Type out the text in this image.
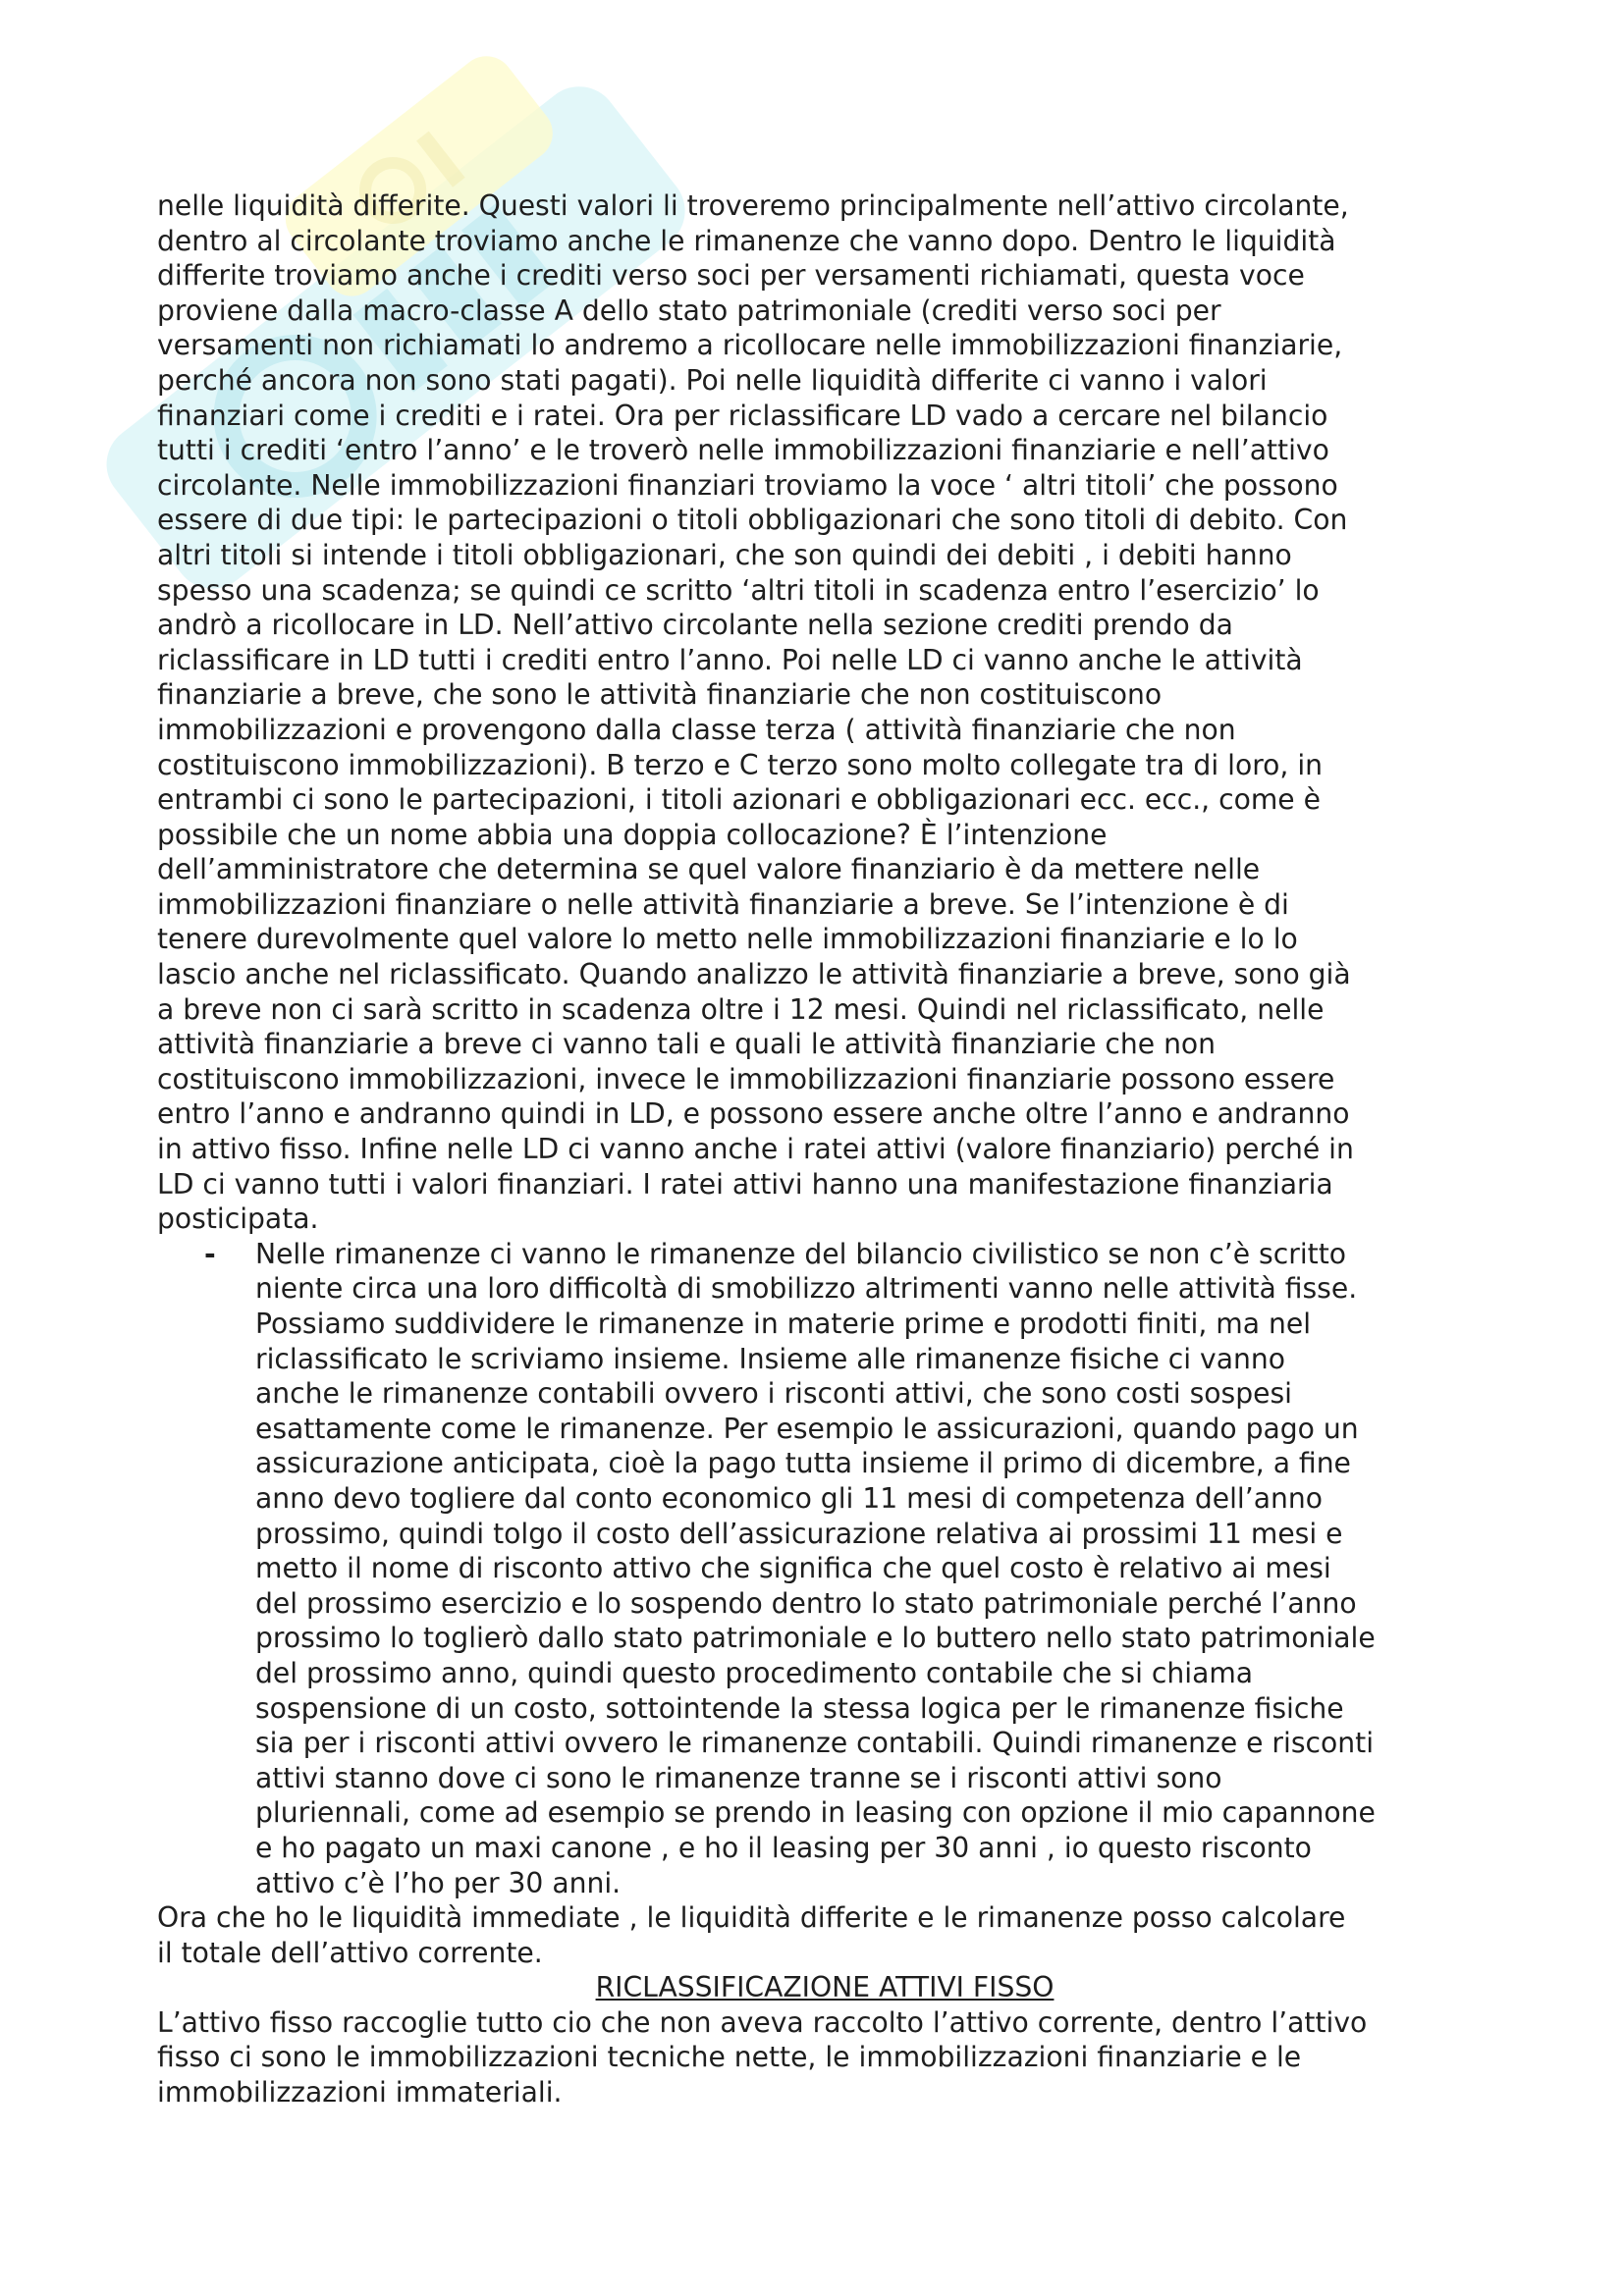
nelle liquidità differite. Questi valori li troveremo principalmente nell’attivo circolante,
dentro al circolante troviamo anche le rimanenze che vanno dopo. Dentro le liquidità
differite troviamo anche i crediti verso soci per versamenti richiamati, questa voce
proviene dalla macro-classe A dello stato patrimoniale (crediti verso soci per
versamenti non richiamati lo andremo a ricollocare nelle immobilizzazioni finanziarie,
perché ancora non sono stati pagati). Poi nelle liquidità differite ci vanno i valori
finanziari come i crediti e i ratei. Ora per riclassificare LD vado a cercare nel bilancio
tutti i crediti ‘entro l’anno’ e le troverò nelle immobilizzazioni finanziarie e nell’attivo
circolante. Nelle immobilizzazioni finanziari troviamo la voce ‘ altri titoli’ che possono
essere di due tipi: le partecipazioni o titoli obbligazionari che sono titoli di debito. Con
altri titoli si intende i titoli obbligazionari, che son quindi dei debiti , i debiti hanno
spesso una scadenza; se quindi ce scritto ‘altri titoli in scadenza entro l’esercizio’ lo
andrò a ricollocare in LD. Nell’attivo circolante nella sezione crediti prendo da
riclassificare in LD tutti i crediti entro l’anno. Poi nelle LD ci vanno anche le attività
finanziarie a breve, che sono le attività finanziarie che non costituiscono
immobilizzazioni e provengono dalla classe terza ( attività finanziarie che non
costituiscono immobilizzazioni). B terzo e C terzo sono molto collegate tra di loro, in
entrambi ci sono le partecipazioni, i titoli azionari e obbligazionari ecc. ecc., come è
possibile che un nome abbia una doppia collocazione? È l’intenzione
dell’amministratore che determina se quel valore finanziario è da mettere nelle
immobilizzazioni finanziare o nelle attività finanziarie a breve. Se l’intenzione è di
tenere durevolmente quel valore lo metto nelle immobilizzazioni finanziarie e lo lo
lascio anche nel riclassificato. Quando analizzo le attività finanziarie a breve, sono già
a breve non ci sarà scritto in scadenza oltre i 12 mesi. Quindi nel riclassificato, nelle
attività finanziarie a breve ci vanno tali e quali le attività finanziarie che non
costituiscono immobilizzazioni, invece le immobilizzazioni finanziarie possono essere
entro l’anno e andranno quindi in LD, e possono essere anche oltre l’anno e andranno
in attivo fisso. Infine nelle LD ci vanno anche i ratei attivi (valore finanziario) perché in
LD ci vanno tutti i valori finanziari. I ratei attivi hanno una manifestazione finanziaria
posticipata.

- Nelle rimanenze ci vanno le rimanenze del bilancio civilistico se non c’è scritto
niente circa una loro difficoltà di smobilizzo altrimenti vanno nelle attività fisse.
Possiamo suddividere le rimanenze in materie prime e prodotti finiti, ma nel
riclassificato le scriviamo insieme. Insieme alle rimanenze fisiche ci vanno
anche le rimanenze contabili ovvero i risconti attivi, che sono costi sospesi
esattamente come le rimanenze. Per esempio le assicurazioni, quando pago un
assicurazione anticipata, cioè la pago tutta insieme il primo di dicembre, a fine
anno devo togliere dal conto economico gli 11 mesi di competenza dell’anno
prossimo, quindi tolgo il costo dell’assicurazione relativa ai prossimi 11 mesi e
metto il nome di risconto attivo che significa che quel costo è relativo ai mesi
del prossimo esercizio e lo sospendo dentro lo stato patrimoniale perché l’anno
prossimo lo toglierò dallo stato patrimoniale e lo buttero nello stato patrimoniale
del prossimo anno, quindi questo procedimento contabile che si chiama
sospensione di un costo, sottointende la stessa logica per le rimanenze fisiche
sia per i risconti attivi ovvero le rimanenze contabili. Quindi rimanenze e risconti
attivi stanno dove ci sono le rimanenze tranne se i risconti attivi sono
pluriennali, come ad esempio se prendo in leasing con opzione il mio capannone
e ho pagato un maxi canone , e ho il leasing per 30 anni , io questo risconto
attivo c’è l’ho per 30 anni.

Ora che ho le liquidità immediate , le liquidità differite e le rimanenze posso calcolare
il totale dell’attivo corrente.

RICLASSIFICAZIONE ATTIVI FISSO

L’attivo fisso raccoglie tutto cio che non aveva raccolto l’attivo corrente, dentro l’attivo
fisso ci sono le immobilizzazioni tecniche nette, le immobilizzazioni finanziarie e le
immobilizzazioni immateriali.
